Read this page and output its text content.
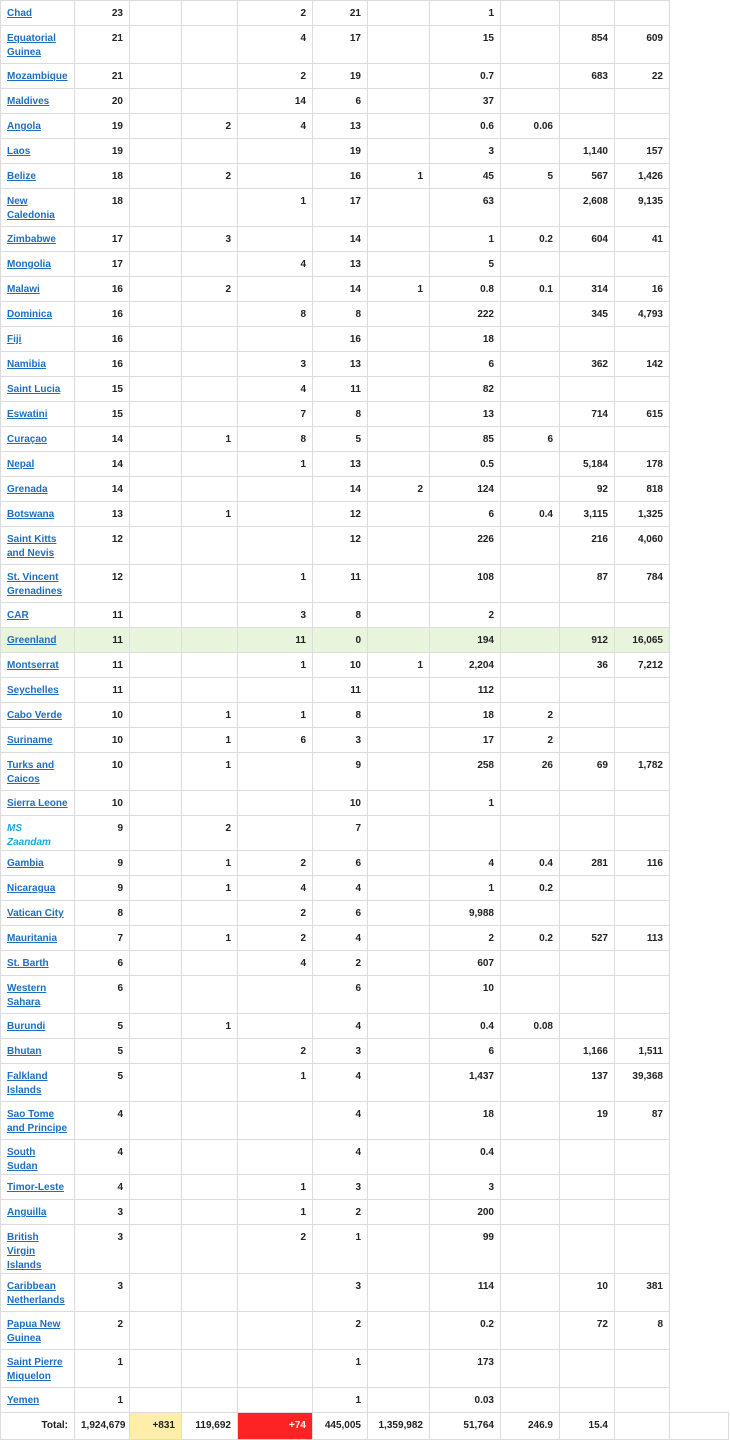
Chad	23			2	21		1				
Equatorial Guinea	21			4	17		15		854	609	
Mozambique	21			2	19		0.7		683	22	
Maldives	20			14	6		37				
Angola	19		2	4	13		0.6	0.06			
Laos	19				19		3		1,140	157	
Belize	18		2		16	1	45	5	567	1,426	
New Caledonia	18			1	17		63		2,608	9,135	
Zimbabwe	17		3		14		1	0.2	604	41	
Mongolia	17			4	13		5				
Malawi	16		2		14	1	0.8	0.1	314	16	
Dominica	16			8	8		222		345	4,793	
Fiji	16				16		18				
Namibia	16			3	13		6		362	142	
Saint Lucia	15			4	11		82				
Eswatini	15			7	8		13		714	615	
Curaçao	14		1	8	5		85	6			
Nepal	14			1	13		0.5		5,184	178	
Grenada	14				14	2	124		92	818	
Botswana	13		1		12		6	0.4	3,115	1,325	
Saint Kitts and Nevis	12				12		226		216	4,060	
St. Vincent Grenadines	12			1	11		108		87	784	
CAR	11			3	8		2				
Greenland	11			11	0		194		912	16,065	
Montserrat	11			1	10	1	2,204		36	7,212	
Seychelles	11				11		112				
Cabo Verde	10		1	1	8		18	2			
Suriname	10		1	6	3		17	2			
Turks and Caicos	10		1		9		258	26	69	1,782	
Sierra Leone	10				10		1				
MS Zaandam	9		2		7						
Gambia	9		1	2	6		4	0.4	281	116	
Nicaragua	9		1	4	4		1	0.2			
Vatican City	8			2	6		9,988				
Mauritania	7		1	2	4		2	0.2	527	113	
St. Barth	6			4	2		607				
Western Sahara	6				6		10				
Burundi	5		1		4		0.4	0.08			
Bhutan	5			2	3		6		1,166	1,511	
Falkland Islands	5			1	4		1,437		137	39,368	
Sao Tome and Principe	4				4		18		19	87	
South Sudan	4				4		0.4				
Timor-Leste	4			1	3		3				
Anguilla	3			1	2		200				
British Virgin Islands	3			2	1		99				
Caribbean Netherlands	3				3		114		10	381	
Papua New Guinea	2				2		0.2		72	8	
Saint Pierre Miquelon	1				1		173				
Yemen	1				1		0.03				
Total:	1,924,679	+831	119,692	+74	445,005	1,359,982	51,764	246.9	15.4		
